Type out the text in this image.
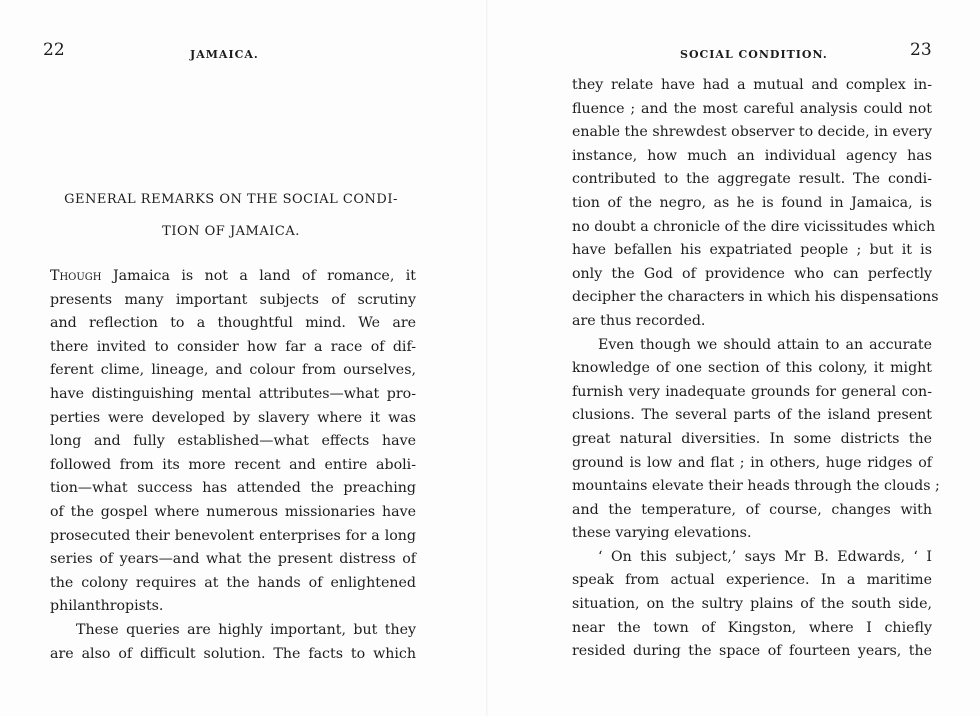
22	JAMAICA.
GENERAL REMARKS ON THE SOCIAL CONDI-
TION OF JAMAICA.
Though Jamaica is not a land of romance, it
presents many important subjects of scrutiny
and reflection to a thoughtful mind. We are
there invited to consider how far a race of dif-
ferent clime, lineage, and colour from ourselves,
have distinguishing mental attributes—what pro-
perties were developed by slavery where it was
long and fully established—what effects have
followed from its more recent and entire aboli-
tion—what success has attended the preaching
of the gospel where numerous missionaries have
prosecuted their benevolent enterprises for a long
series of years—and what the present distress of
the colony requires at the hands of enlightened
philanthropists.
These queries are highly important, but they
are also of difficult solution. The facts to which
SOCIAL CONDITION.	23
they relate have had a mutual and complex in-
fluence ; and the most careful analysis could not
enable the shrewdest observer to decide, in every
instance, how much an individual agency has
contributed to the aggregate result. The condi-
tion of the negro, as he is found in Jamaica, is
no doubt a chronicle of the dire vicissitudes which
have befallen his expatriated people ; but it is
only the God of providence who can perfectly
decipher the characters in which his dispensations
are thus recorded.
Even though we should attain to an accurate
knowledge of one section of this colony, it might
furnish very inadequate grounds for general con-
clusions. The several parts of the island present
great natural diversities. In some districts the
ground is low and flat ; in others, huge ridges of
mountains elevate their heads through the clouds ;
and the temperature, of course, changes with
these varying elevations.
‘ On this subject,’ says Mr B. Edwards, ‘ I
speak from actual experience. In a maritime
situation, on the sultry plains of the south side,
near the town of Kingston, where I chiefly
resided during the space of fourteen years, the
